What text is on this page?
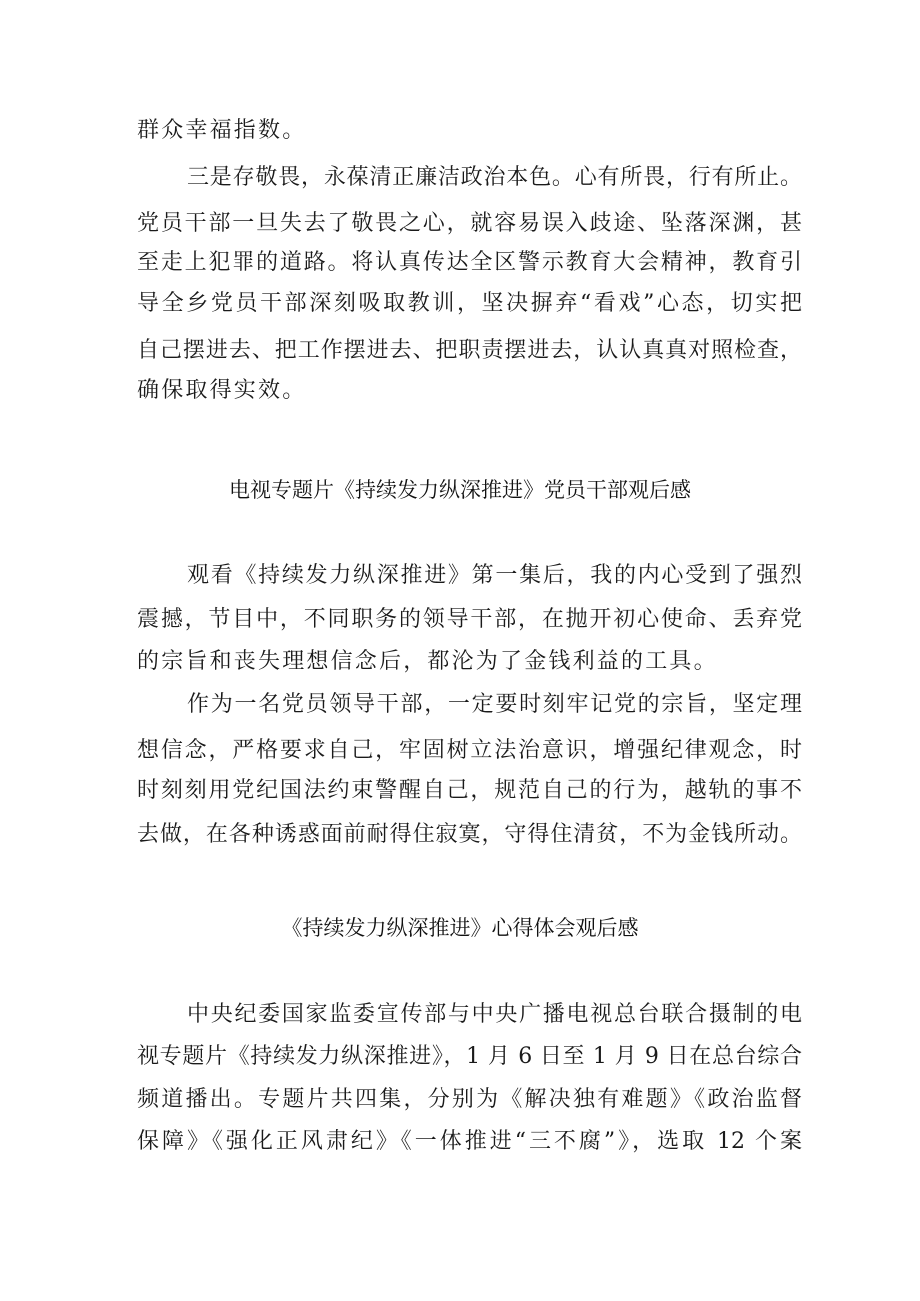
群众幸福指数。
三是存敬畏，永葆清正廉洁政治本色。心有所畏，行有所止。
党员干部一旦失去了敬畏之心，就容易误入歧途、坠落深渊，甚
至走上犯罪的道路。将认真传达全区警示教育大会精神，教育引
导全乡党员干部深刻吸取教训，坚决摒弃“看戏”心态，切实把
自己摆进去、把工作摆进去、把职责摆进去，认认真真对照检查，
确保取得实效。
电视专题片《持续发力纵深推进》党员干部观后感
观看《持续发力纵深推进》第一集后，我的内心受到了强烈
震撼，节目中，不同职务的领导干部，在抛开初心使命、丢弃党
的宗旨和丧失理想信念后，都沦为了金钱利益的工具。
作为一名党员领导干部，一定要时刻牢记党的宗旨，坚定理
想信念，严格要求自己，牢固树立法治意识，增强纪律观念，时
时刻刻用党纪国法约束警醒自己，规范自己的行为，越轨的事不
去做，在各种诱惑面前耐得住寂寞，守得住清贫，不为金钱所动。
《持续发力纵深推进》心得体会观后感
中央纪委国家监委宣传部与中央广播电视总台联合摄制的电
视专题片《持续发力纵深推进》，1 月 6 日至 1 月 9 日在总台综合
频道播出。专题片共四集，分别为《解决独有难题》《政治监督
保障》《强化正风肃纪》《一体推进“三不腐”》，选取 12 个案
